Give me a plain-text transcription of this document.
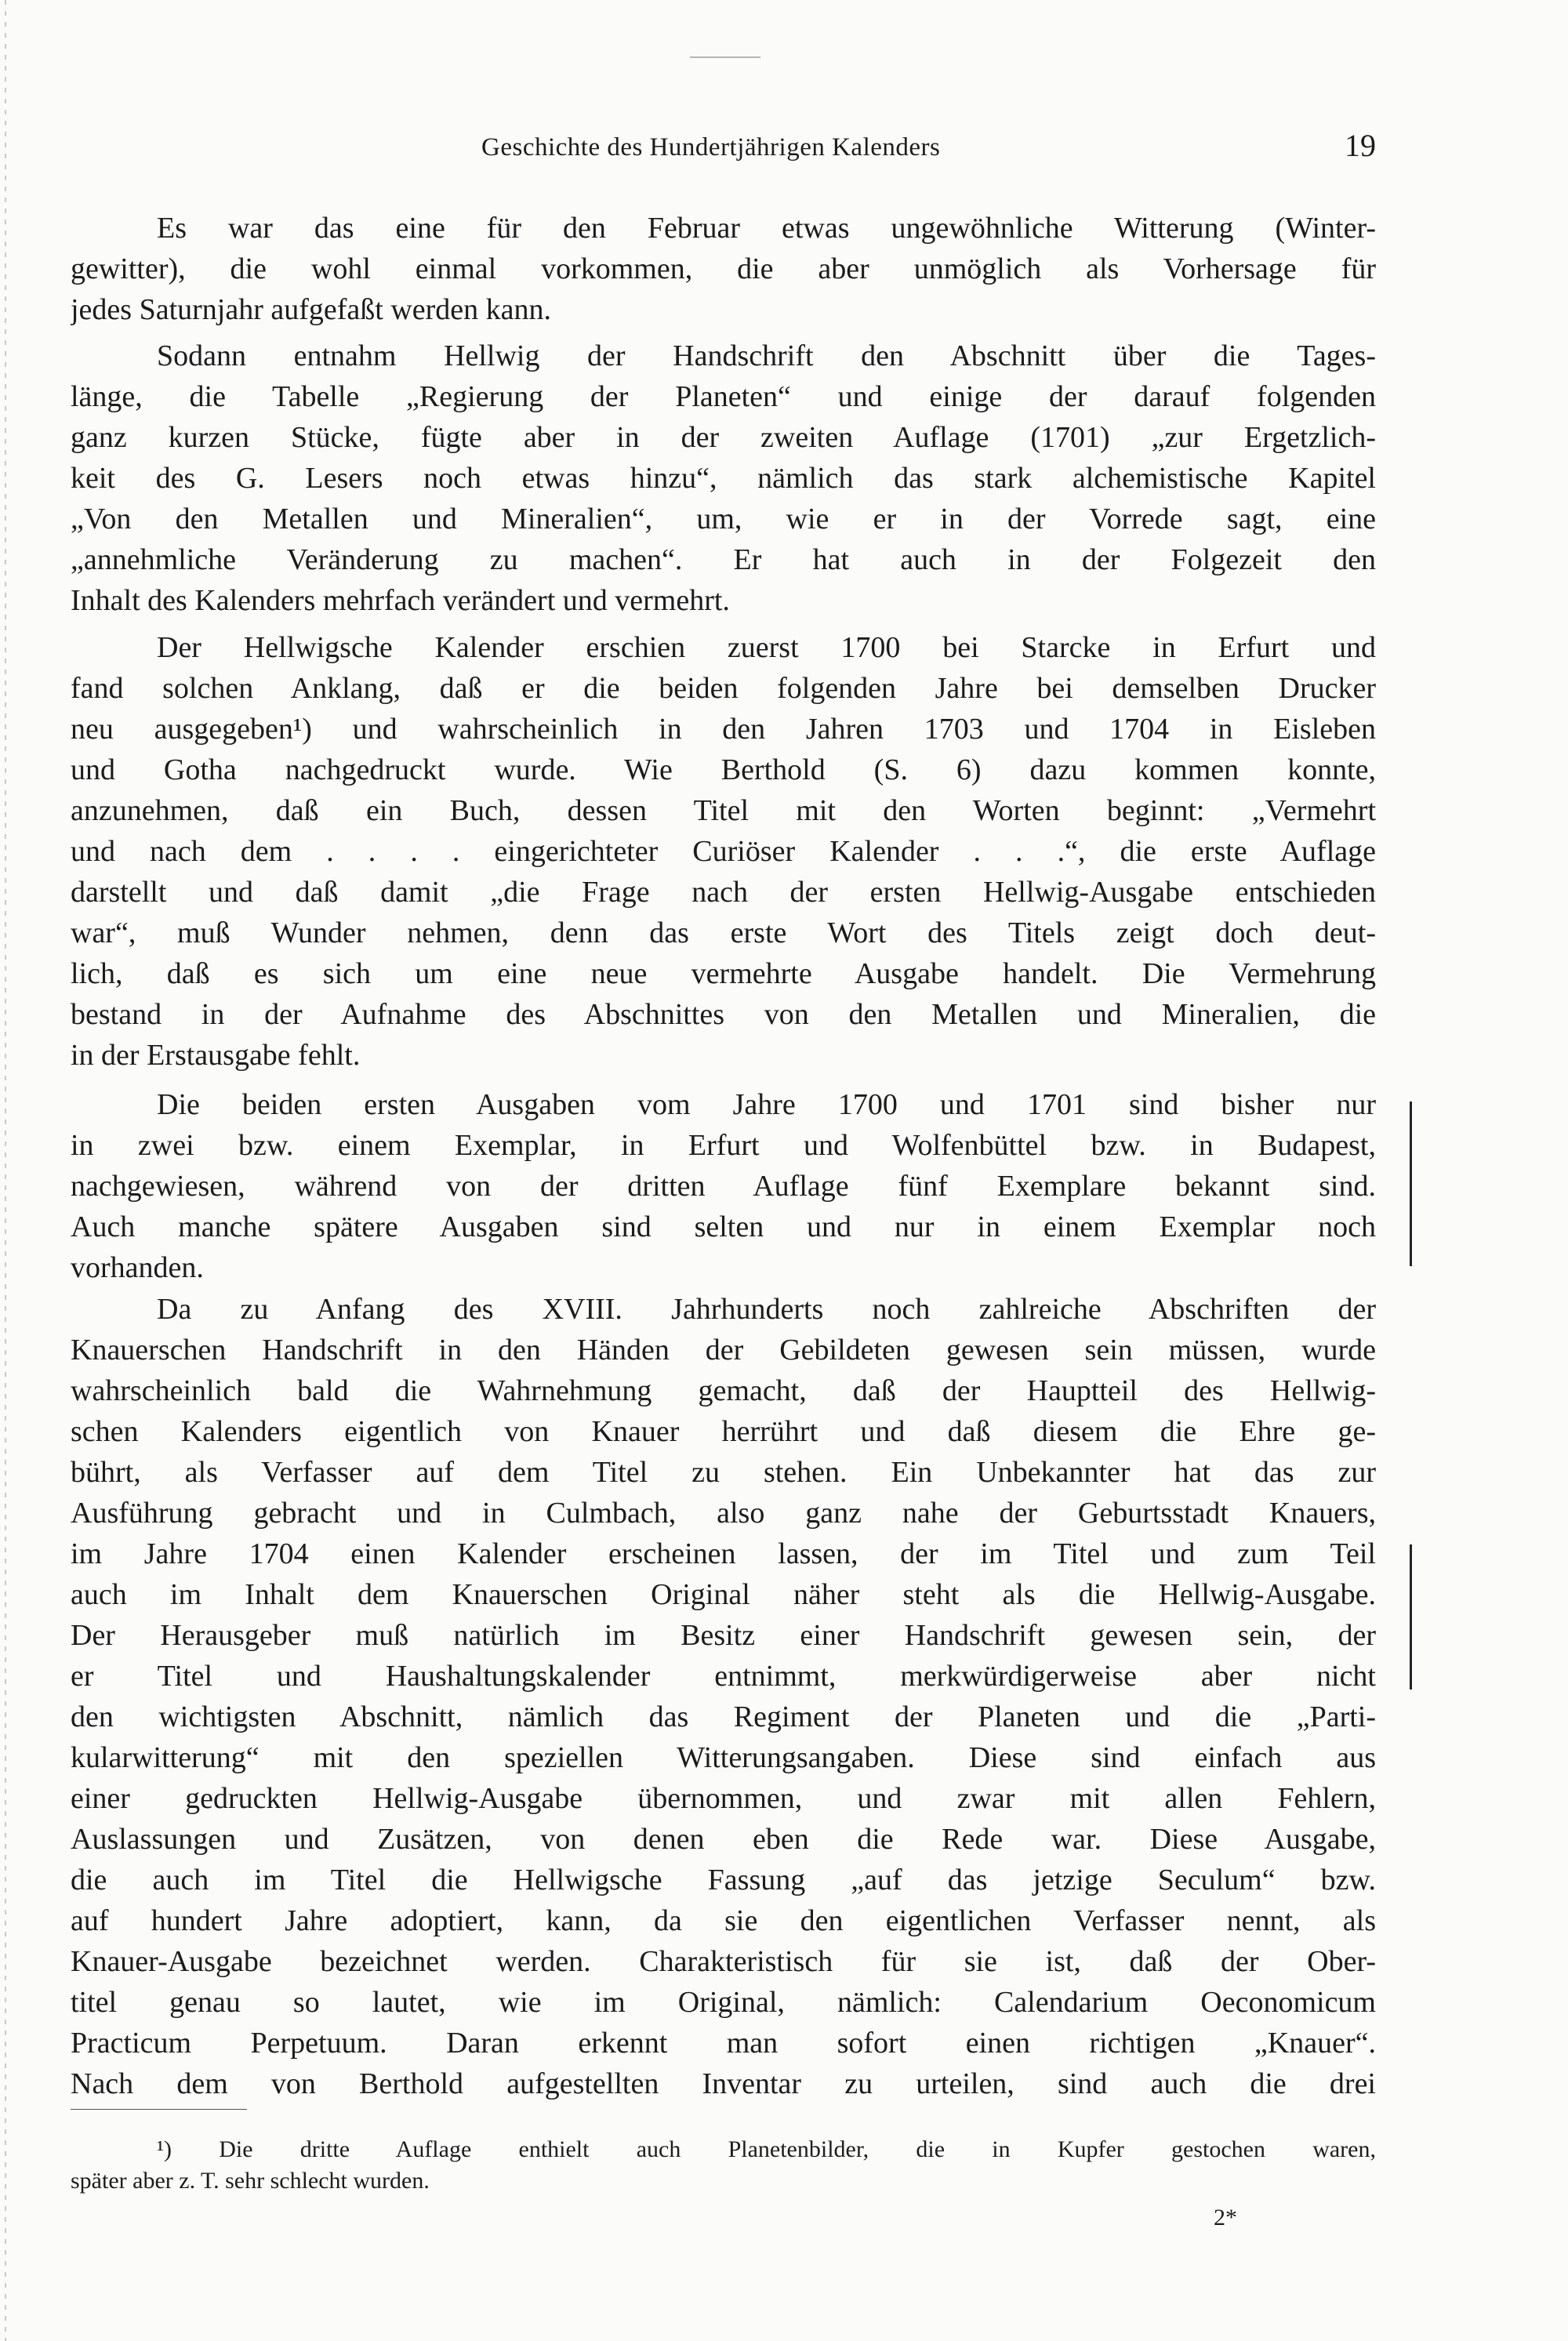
Geschichte des Hundertjährigen Kalenders	19
Es war das eine für den Februar etwas ungewöhnliche Witterung (Winter-
gewitter), die wohl einmal vorkommen, die aber unmöglich als Vorhersage für
jedes Saturnjahr aufgefaßt werden kann.
Sodann entnahm Hellwig der Handschrift den Abschnitt über die Tages-
länge, die Tabelle „Regierung der Planeten“ und einige der darauf folgenden
ganz kurzen Stücke, fügte aber in der zweiten Auflage (1701) „zur Ergetzlich-
keit des G. Lesers noch etwas hinzu“, nämlich das stark alchemistische Kapitel
„Von den Metallen und Mineralien“, um, wie er in der Vorrede sagt, eine
„annehmliche Veränderung zu machen“. Er hat auch in der Folgezeit den
Inhalt des Kalenders mehrfach verändert und vermehrt.
Der Hellwigsche Kalender erschien zuerst 1700 bei Starcke in Erfurt und
fand solchen Anklang, daß er die beiden folgenden Jahre bei demselben Drucker
neu ausgegeben¹) und wahrscheinlich in den Jahren 1703 und 1704 in Eisleben
und Gotha nachgedruckt wurde. Wie Berthold (S. 6) dazu kommen konnte,
anzunehmen, daß ein Buch, dessen Titel mit den Worten beginnt: „Vermehrt
und nach dem . . . . eingerichteter Curiöser Kalender . . .“, die erste Auflage
darstellt und daß damit „die Frage nach der ersten Hellwig-Ausgabe entschieden
war“, muß Wunder nehmen, denn das erste Wort des Titels zeigt doch deut-
lich, daß es sich um eine neue vermehrte Ausgabe handelt. Die Vermehrung
bestand in der Aufnahme des Abschnittes von den Metallen und Mineralien, die
in der Erstausgabe fehlt.
Die beiden ersten Ausgaben vom Jahre 1700 und 1701 sind bisher nur
in zwei bzw. einem Exemplar, in Erfurt und Wolfenbüttel bzw. in Budapest,
nachgewiesen, während von der dritten Auflage fünf Exemplare bekannt sind.
Auch manche spätere Ausgaben sind selten und nur in einem Exemplar noch
vorhanden.
Da zu Anfang des XVIII. Jahrhunderts noch zahlreiche Abschriften der
Knauerschen Handschrift in den Händen der Gebildeten gewesen sein müssen, wurde
wahrscheinlich bald die Wahrnehmung gemacht, daß der Hauptteil des Hellwig-
schen Kalenders eigentlich von Knauer herrührt und daß diesem die Ehre ge-
bührt, als Verfasser auf dem Titel zu stehen. Ein Unbekannter hat das zur
Ausführung gebracht und in Culmbach, also ganz nahe der Geburtsstadt Knauers,
im Jahre 1704 einen Kalender erscheinen lassen, der im Titel und zum Teil
auch im Inhalt dem Knauerschen Original näher steht als die Hellwig-Ausgabe.
Der Herausgeber muß natürlich im Besitz einer Handschrift gewesen sein, der
er Titel und Haushaltungskalender entnimmt, merkwürdigerweise aber nicht
den wichtigsten Abschnitt, nämlich das Regiment der Planeten und die „Parti-
kularwitterung“ mit den speziellen Witterungsangaben. Diese sind einfach aus
einer gedruckten Hellwig-Ausgabe übernommen, und zwar mit allen Fehlern,
Auslassungen und Zusätzen, von denen eben die Rede war. Diese Ausgabe,
die auch im Titel die Hellwigsche Fassung „auf das jetzige Seculum“ bzw.
auf hundert Jahre adoptiert, kann, da sie den eigentlichen Verfasser nennt, als
Knauer-Ausgabe bezeichnet werden. Charakteristisch für sie ist, daß der Ober-
titel genau so lautet, wie im Original, nämlich: Calendarium Oeconomicum
Practicum Perpetuum. Daran erkennt man sofort einen richtigen „Knauer“.
Nach dem von Berthold aufgestellten Inventar zu urteilen, sind auch die drei
¹) Die dritte Auflage enthielt auch Planetenbilder, die in Kupfer gestochen waren,
später aber z. T. sehr schlecht wurden.
2*
